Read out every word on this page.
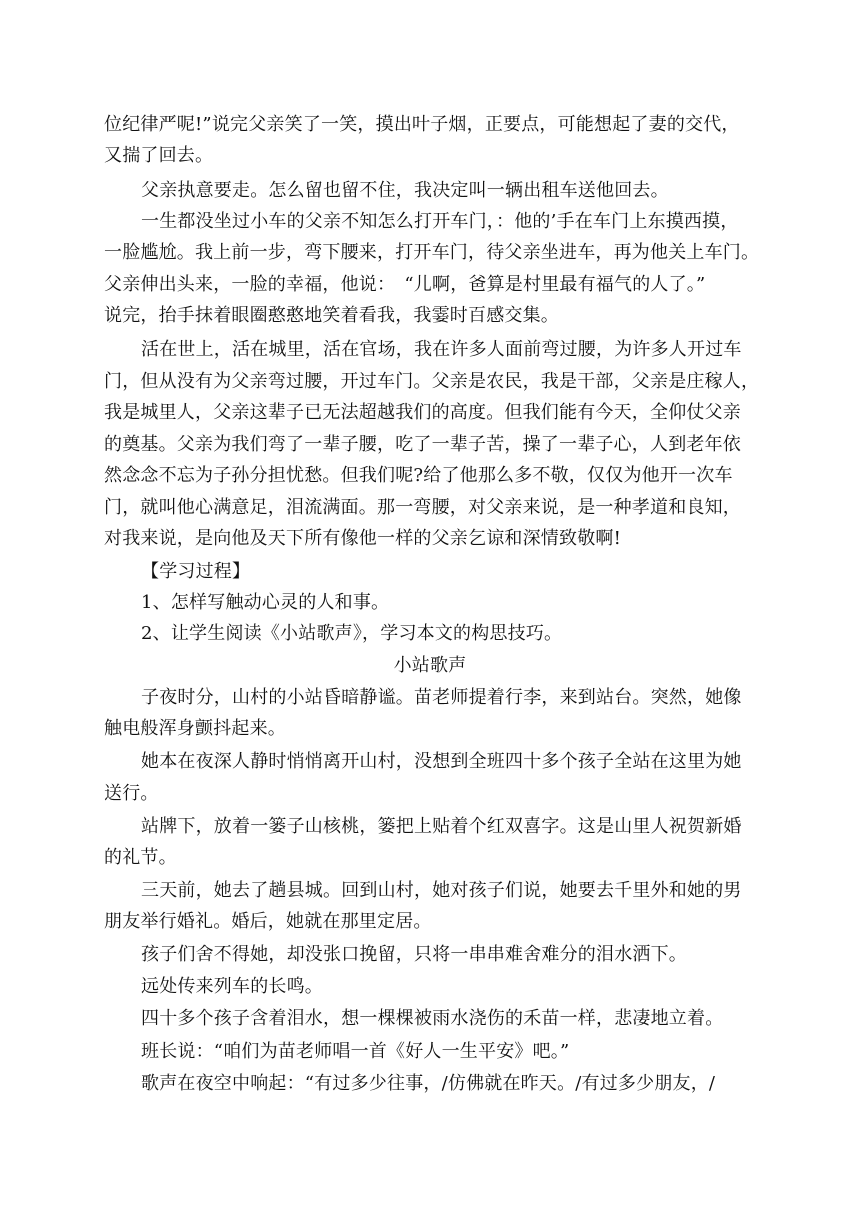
位纪律严呢!”说完父亲笑了一笑，摸出叶子烟，正要点，可能想起了妻的交代，
又揣了回去。
父亲执意要走。怎么留也留不住，我决定叫一辆出租车送他回去。
一生都没坐过小车的父亲不知怎么打开车门，：他的’手在车门上东摸西摸，
一脸尴尬。我上前一步，弯下腰来，打开车门，待父亲坐进车，再为他关上车门。
父亲伸出头来，一脸的幸福，他说：　“儿啊，爸算是村里最有福气的人了。”
说完，抬手抹着眼圈憨憨地笑着看我，我霎时百感交集。
活在世上，活在城里，活在官场，我在许多人面前弯过腰，为许多人开过车
门，但从没有为父亲弯过腰，开过车门。父亲是农民，我是干部，父亲是庄稼人，
我是城里人，父亲这辈子已无法超越我们的高度。但我们能有今天，全仰仗父亲
的奠基。父亲为我们弯了一辈子腰，吃了一辈子苦，操了一辈子心，人到老年依
然念念不忘为子孙分担忧愁。但我们呢?给了他那么多不敬，仅仅为他开一次车
门，就叫他心满意足，泪流满面。那一弯腰，对父亲来说，是一种孝道和良知，
对我来说，是向他及天下所有像他一样的父亲乞谅和深情致敬啊!
【学习过程】
1、怎样写触动心灵的人和事。
2、让学生阅读《小站歌声》，学习本文的构思技巧。
小站歌声
子夜时分，山村的小站昏暗静谧。苗老师提着行李，来到站台。突然，她像
触电般浑身颤抖起来。
她本在夜深人静时悄悄离开山村，没想到全班四十多个孩子全站在这里为她
送行。
站牌下，放着一篓子山核桃，篓把上贴着个红双喜字。这是山里人祝贺新婚
的礼节。
三天前，她去了趟县城。回到山村，她对孩子们说，她要去千里外和她的男
朋友举行婚礼。婚后，她就在那里定居。
孩子们舍不得她，却没张口挽留，只将一串串难舍难分的泪水洒下。
远处传来列车的长鸣。
四十多个孩子含着泪水，想一棵棵被雨水浇伤的禾苗一样，悲凄地立着。
班长说：“咱们为苗老师唱一首《好人一生平安》吧。”
歌声在夜空中响起：“有过多少往事，/仿佛就在昨天。/有过多少朋友，/
